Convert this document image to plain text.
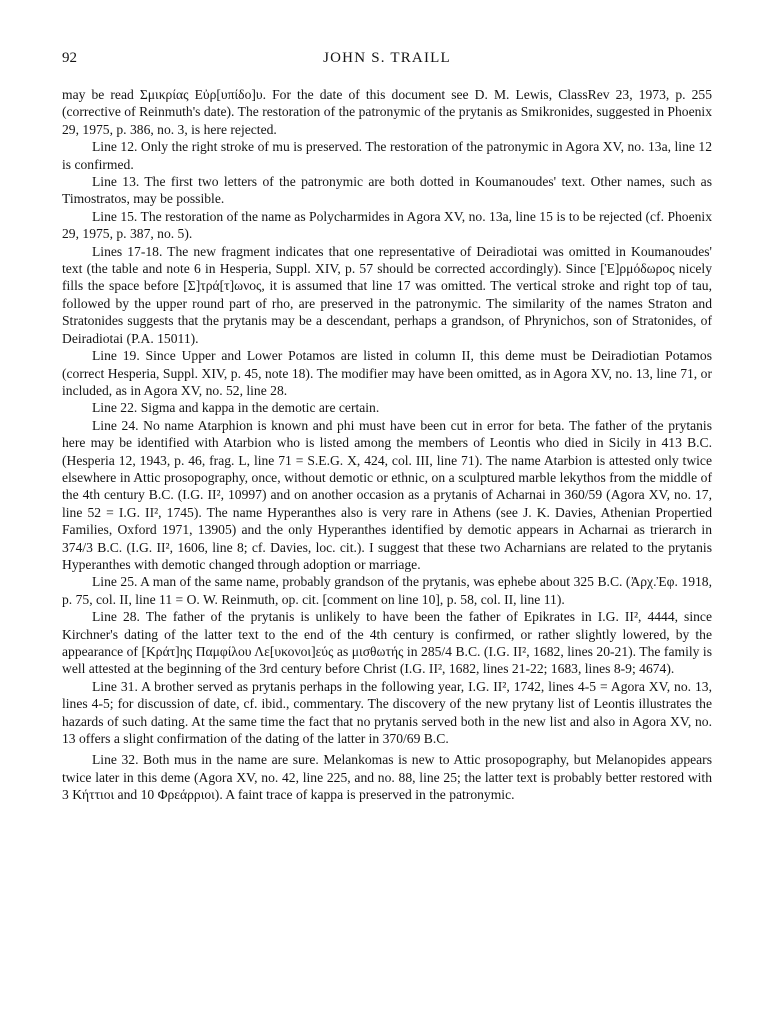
92	JOHN S. TRAILL

may be read Σμικρίας Εὐρ[υπίδο]υ. For the date of this document see D. M. Lewis, ClassRev 23, 1973, p. 255 (corrective of Reinmuth's date). The restoration of the patronymic of the prytanis as Smikronides, suggested in Phoenix 29, 1975, p. 386, no. 3, is here rejected.

Line 12. Only the right stroke of mu is preserved. The restoration of the patronymic in Agora XV, no. 13a, line 12 is confirmed.

Line 13. The first two letters of the patronymic are both dotted in Koumanoudes' text. Other names, such as Timostratos, may be possible.

Line 15. The restoration of the name as Polycharmides in Agora XV, no. 13a, line 15 is to be rejected (cf. Phoenix 29, 1975, p. 387, no. 5).

Lines 17-18. The new fragment indicates that one representative of Deiradiotai was omitted in Koumanoudes' text (the table and note 6 in Hesperia, Suppl. XIV, p. 57 should be corrected accordingly). Since [Ἑ]ρμόδωρος nicely fills the space before [Σ]τρά[τ]ωνος, it is assumed that line 17 was omitted. The vertical stroke and right top of tau, followed by the upper round part of rho, are preserved in the patronymic. The similarity of the names Straton and Stratonides suggests that the prytanis may be a descendant, perhaps a grandson, of Phrynichos, son of Stratonides, of Deiradiotai (P.A. 15011).

Line 19. Since Upper and Lower Potamos are listed in column II, this deme must be Deiradiotian Potamos (correct Hesperia, Suppl. XIV, p. 45, note 18). The modifier may have been omitted, as in Agora XV, no. 13, line 71, or included, as in Agora XV, no. 52, line 28.

Line 22. Sigma and kappa in the demotic are certain.

Line 24. No name Atarphion is known and phi must have been cut in error for beta. The father of the prytanis here may be identified with Atarbion who is listed among the members of Leontis who died in Sicily in 413 B.C. (Hesperia 12, 1943, p. 46, frag. L, line 71 = S.E.G. X, 424, col. III, line 71). The name Atarbion is attested only twice elsewhere in Attic prosopography, once, without demotic or ethnic, on a sculptured marble lekythos from the middle of the 4th century B.C. (I.G. II², 10997) and on another occasion as a prytanis of Acharnai in 360/59 (Agora XV, no. 17, line 52 = I.G. II², 1745). The name Hyperanthes also is very rare in Athens (see J. K. Davies, Athenian Propertied Families, Oxford 1971, 13905) and the only Hyperanthes identified by demotic appears in Acharnai as trierarch in 374/3 B.C. (I.G. II², 1606, line 8; cf. Davies, loc. cit.). I suggest that these two Acharnians are related to the prytanis Hyperanthes with demotic changed through adoption or marriage.

Line 25. A man of the same name, probably grandson of the prytanis, was ephebe about 325 B.C. (Ἀρχ.Ἐφ. 1918, p. 75, col. II, line 11 = O. W. Reinmuth, op. cit. [comment on line 10], p. 58, col. II, line 11).

Line 28. The father of the prytanis is unlikely to have been the father of Epikrates in I.G. II², 4444, since Kirchner's dating of the latter text to the end of the 4th century is confirmed, or rather slightly lowered, by the appearance of [Κράτ]ης Παμφίλου Λε[υκονοι]εύς as μισθωτής in 285/4 B.C. (I.G. II², 1682, lines 20-21). The family is well attested at the beginning of the 3rd century before Christ (I.G. II², 1682, lines 21-22; 1683, lines 8-9; 4674).

Line 31. A brother served as prytanis perhaps in the following year, I.G. II², 1742, lines 4-5 = Agora XV, no. 13, lines 4-5; for discussion of date, cf. ibid., commentary. The discovery of the new prytany list of Leontis illustrates the hazards of such dating. At the same time the fact that no prytanis served both in the new list and also in Agora XV, no. 13 offers a slight confirmation of the dating of the latter in 370/69 B.C.

Line 32. Both mus in the name are sure. Melankomas is new to Attic prosopography, but Melanopides appears twice later in this deme (Agora XV, no. 42, line 225, and no. 88, line 25; the latter text is probably better restored with 3 Κήττιοι and 10 Φρεάρριοι). A faint trace of kappa is preserved in the patronymic.
